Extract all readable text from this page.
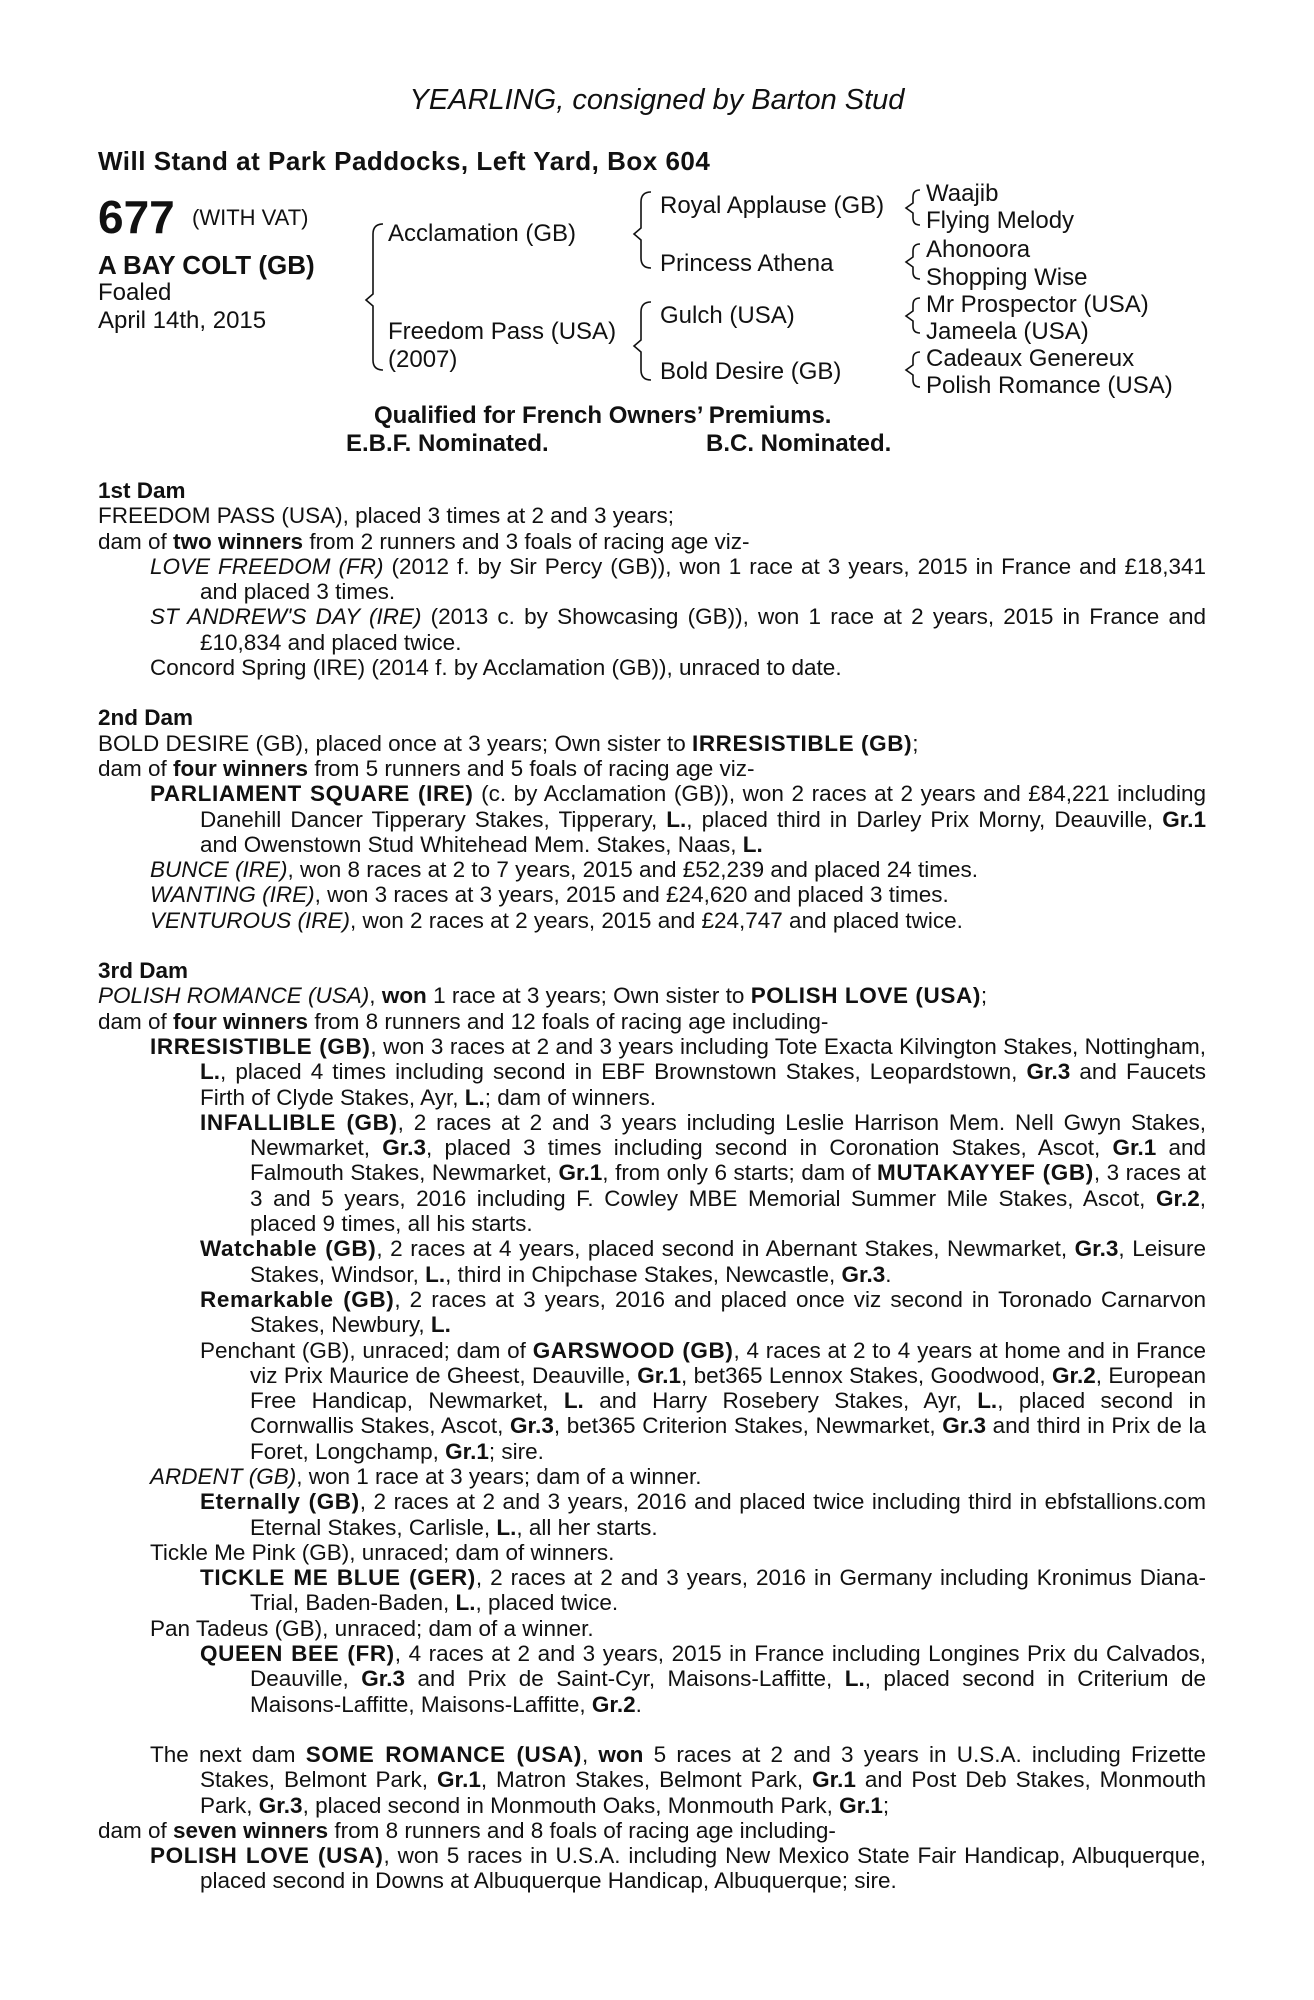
YEARLING, consigned by Barton Stud
Will Stand at Park Paddocks, Left Yard, Box 604
677 (WITH VAT)
A BAY COLT (GB)
Foaled
April 14th, 2015
Acclamation (GB)
Freedom Pass (USA)
(2007)
Royal Applause (GB)
Princess Athena
Gulch (USA)
Bold Desire (GB)
Waajib
Flying Melody
Ahonoora
Shopping Wise
Mr Prospector (USA)
Jameela (USA)
Cadeaux Genereux
Polish Romance (USA)
Qualified for French Owners’ Premiums.
E.B.F. Nominated.	B.C. Nominated.

1st Dam

FREEDOM PASS (USA), placed 3 times at 2 and 3 years;

dam of two winners from 2 runners and 3 foals of racing age viz-

LOVE FREEDOM (FR) (2012 f. by Sir Percy (GB)), won 1 race at 3 years, 2015 in France and £18,341 and placed 3 times.

ST ANDREW'S DAY (IRE) (2013 c. by Showcasing (GB)), won 1 race at 2 years, 2015 in France and £10,834 and placed twice.

Concord Spring (IRE) (2014 f. by Acclamation (GB)), unraced to date.

2nd Dam

BOLD DESIRE (GB), placed once at 3 years; Own sister to IRRESISTIBLE (GB);

dam of four winners from 5 runners and 5 foals of racing age viz-

PARLIAMENT SQUARE (IRE) (c. by Acclamation (GB)), won 2 races at 2 years and £84,221 including Danehill Dancer Tipperary Stakes, Tipperary, L., placed third in Darley Prix Morny, Deauville, Gr.1 and Owenstown Stud Whitehead Mem. Stakes, Naas, L.

BUNCE (IRE), won 8 races at 2 to 7 years, 2015 and £52,239 and placed 24 times.

WANTING (IRE), won 3 races at 3 years, 2015 and £24,620 and placed 3 times.

VENTUROUS (IRE), won 2 races at 2 years, 2015 and £24,747 and placed twice.

3rd Dam

POLISH ROMANCE (USA), won 1 race at 3 years; Own sister to POLISH LOVE (USA);

dam of four winners from 8 runners and 12 foals of racing age including-

IRRESISTIBLE (GB), won 3 races at 2 and 3 years including Tote Exacta Kilvington Stakes, Nottingham, L., placed 4 times including second in EBF Brownstown Stakes, Leopardstown, Gr.3 and Faucets Firth of Clyde Stakes, Ayr, L.; dam of winners.

INFALLIBLE (GB), 2 races at 2 and 3 years including Leslie Harrison Mem. Nell Gwyn Stakes, Newmarket, Gr.3, placed 3 times including second in Coronation Stakes, Ascot, Gr.1 and Falmouth Stakes, Newmarket, Gr.1, from only 6 starts; dam of MUTAKAYYEF (GB), 3 races at 3 and 5 years, 2016 including F. Cowley MBE Memorial Summer Mile Stakes, Ascot, Gr.2, placed 9 times, all his starts.

Watchable (GB), 2 races at 4 years, placed second in Abernant Stakes, Newmarket, Gr.3, Leisure Stakes, Windsor, L., third in Chipchase Stakes, Newcastle, Gr.3.

Remarkable (GB), 2 races at 3 years, 2016 and placed once viz second in Toronado Carnarvon Stakes, Newbury, L.

Penchant (GB), unraced; dam of GARSWOOD (GB), 4 races at 2 to 4 years at home and in France viz Prix Maurice de Gheest, Deauville, Gr.1, bet365 Lennox Stakes, Goodwood, Gr.2, European Free Handicap, Newmarket, L. and Harry Rosebery Stakes, Ayr, L., placed second in Cornwallis Stakes, Ascot, Gr.3, bet365 Criterion Stakes, Newmarket, Gr.3 and third in Prix de la Foret, Longchamp, Gr.1; sire.

ARDENT (GB), won 1 race at 3 years; dam of a winner.

Eternally (GB), 2 races at 2 and 3 years, 2016 and placed twice including third in ebfstallions.com Eternal Stakes, Carlisle, L., all her starts.

Tickle Me Pink (GB), unraced; dam of winners.

TICKLE ME BLUE (GER), 2 races at 2 and 3 years, 2016 in Germany including Kronimus Diana-Trial, Baden-Baden, L., placed twice.

Pan Tadeus (GB), unraced; dam of a winner.

QUEEN BEE (FR), 4 races at 2 and 3 years, 2015 in France including Longines Prix du Calvados, Deauville, Gr.3 and Prix de Saint-Cyr, Maisons-Laffitte, L., placed second in Criterium de Maisons-Laffitte, Maisons-Laffitte, Gr.2.

The next dam SOME ROMANCE (USA), won 5 races at 2 and 3 years in U.S.A. including Frizette Stakes, Belmont Park, Gr.1, Matron Stakes, Belmont Park, Gr.1 and Post Deb Stakes, Monmouth Park, Gr.3, placed second in Monmouth Oaks, Monmouth Park, Gr.1;

dam of seven winners from 8 runners and 8 foals of racing age including-

POLISH LOVE (USA), won 5 races in U.S.A. including New Mexico State Fair Handicap, Albuquerque, placed second in Downs at Albuquerque Handicap, Albuquerque; sire.
